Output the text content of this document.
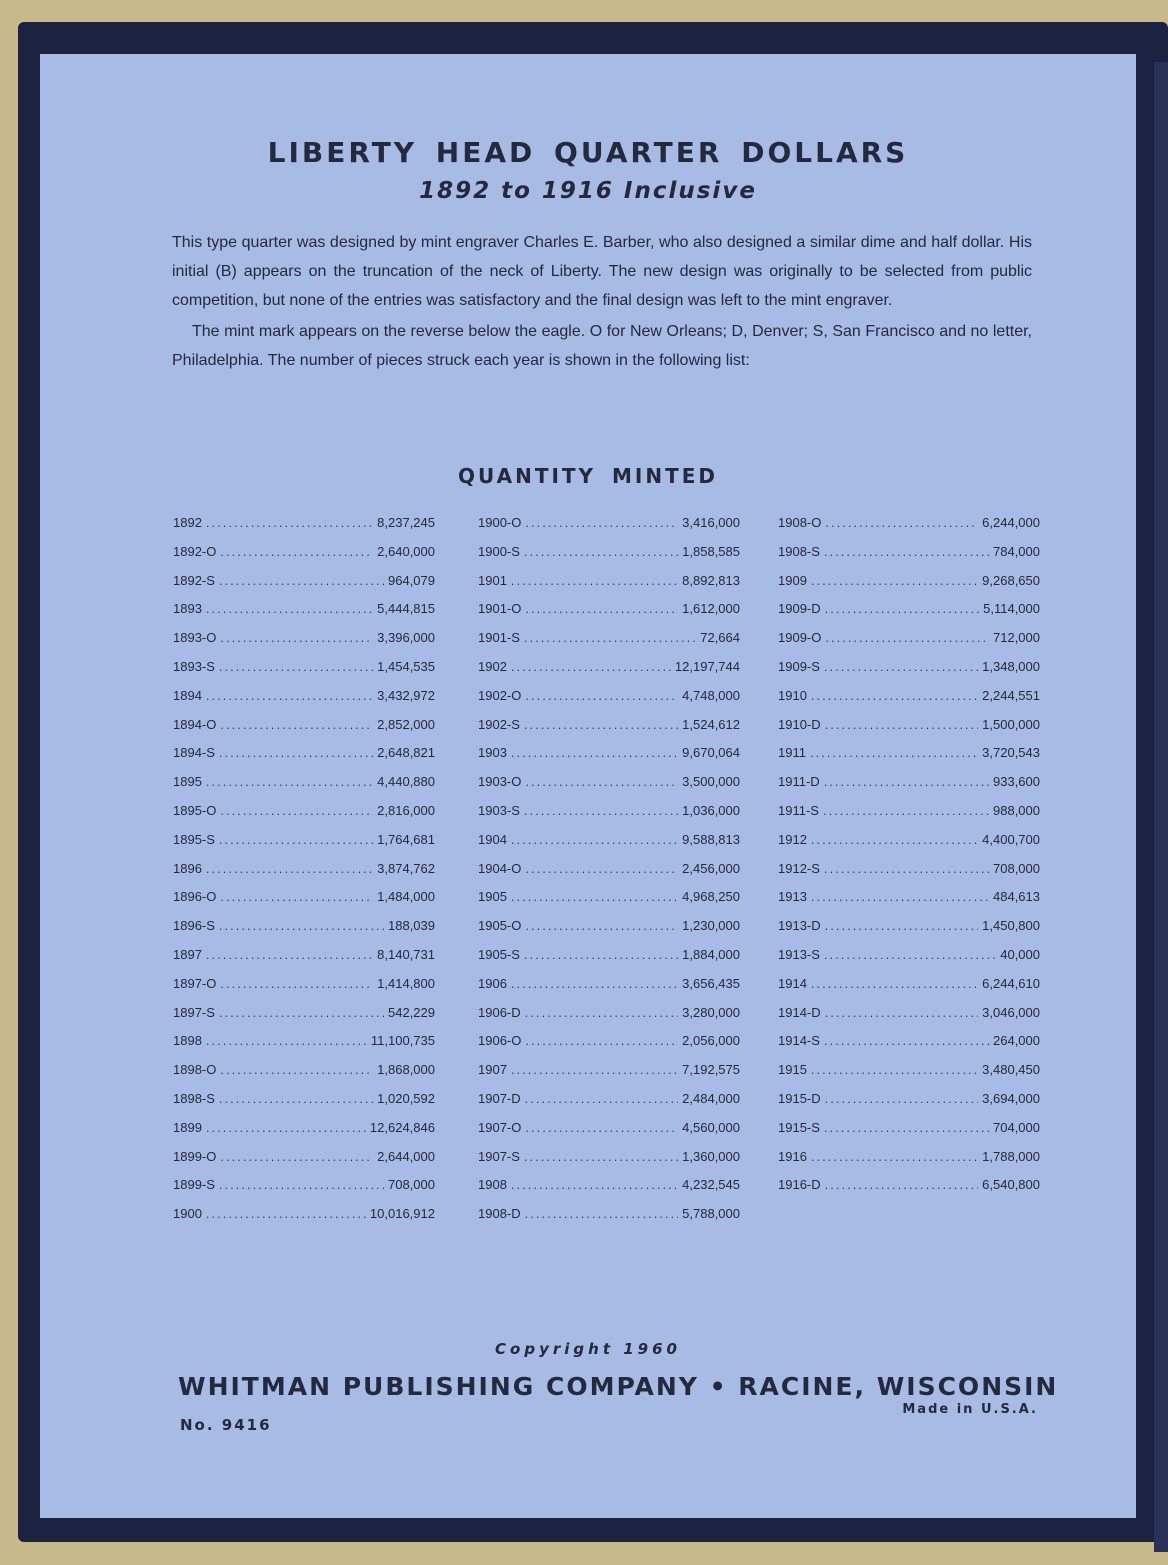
LIBERTY HEAD QUARTER DOLLARS
1892 to 1916 Inclusive

This type quarter was designed by mint engraver Charles E. Barber, who also designed a similar dime and half dollar. His initial (B) appears on the truncation of the neck of Liberty. The new design was originally to be selected from public competition, but none of the entries was satisfactory and the final design was left to the mint engraver.

The mint mark appears on the reverse below the eagle. O for New Orleans; D, Denver; S, San Francisco and no letter, Philadelphia. The number of pieces struck each year is shown in the following list:

QUANTITY MINTED
1892 .....	8,237,245
1892-O .....	2,640,000
1892-S .....	964,079
1893 .....	5,444,815
1893-O .....	3,396,000
1893-S .....	1,454,535
1894 .....	3,432,972
1894-O .....	2,852,000
1894-S .....	2,648,821
1895 .....	4,440,880
1895-O .....	2,816,000
1895-S .....	1,764,681
1896 .....	3,874,762
1896-O .....	1,484,000
1896-S .....	188,039
1897 .....	8,140,731
1897-O .....	1,414,800
1897-S .....	542,229
1898 .....	11,100,735
1898-O .....	1,868,000
1898-S .....	1,020,592
1899 .....	12,624,846
1899-O .....	2,644,000
1899-S .....	708,000
1900 .....	10,016,912
1900-O .....	3,416,000
1900-S .....	1,858,585
1901 .....	8,892,813
1901-O .....	1,612,000
1901-S .....	72,664
1902 .....	12,197,744
1902-O .....	4,748,000
1902-S .....	1,524,612
1903 .....	9,670,064
1903-O .....	3,500,000
1903-S .....	1,036,000
1904 .....	9,588,813
1904-O .....	2,456,000
1905 .....	4,968,250
1905-O .....	1,230,000
1905-S .....	1,884,000
1906 .....	3,656,435
1906-D .....	3,280,000
1906-O .....	2,056,000
1907 .....	7,192,575
1907-D .....	2,484,000
1907-O .....	4,560,000
1907-S .....	1,360,000
1908 .....	4,232,545
1908-D .....	5,788,000
1908-O .....	6,244,000
1908-S .....	784,000
1909 .....	9,268,650
1909-D .....	5,114,000
1909-O .....	712,000
1909-S .....	1,348,000
1910 .....	2,244,551
1910-D .....	1,500,000
1911 .....	3,720,543
1911-D .....	933,600
1911-S .....	988,000
1912 .....	4,400,700
1912-S .....	708,000
1913 .....	484,613
1913-D .....	1,450,800
1913-S .....	40,000
1914 .....	6,244,610
1914-D .....	3,046,000
1914-S .....	264,000
1915 .....	3,480,450
1915-D .....	3,694,000
1915-S .....	704,000
1916 .....	1,788,000
1916-D .....	6,540,800
Copyright 1960
WHITMAN PUBLISHING COMPANY • RACINE, WISCONSIN
No. 9416
Made in U.S.A.
